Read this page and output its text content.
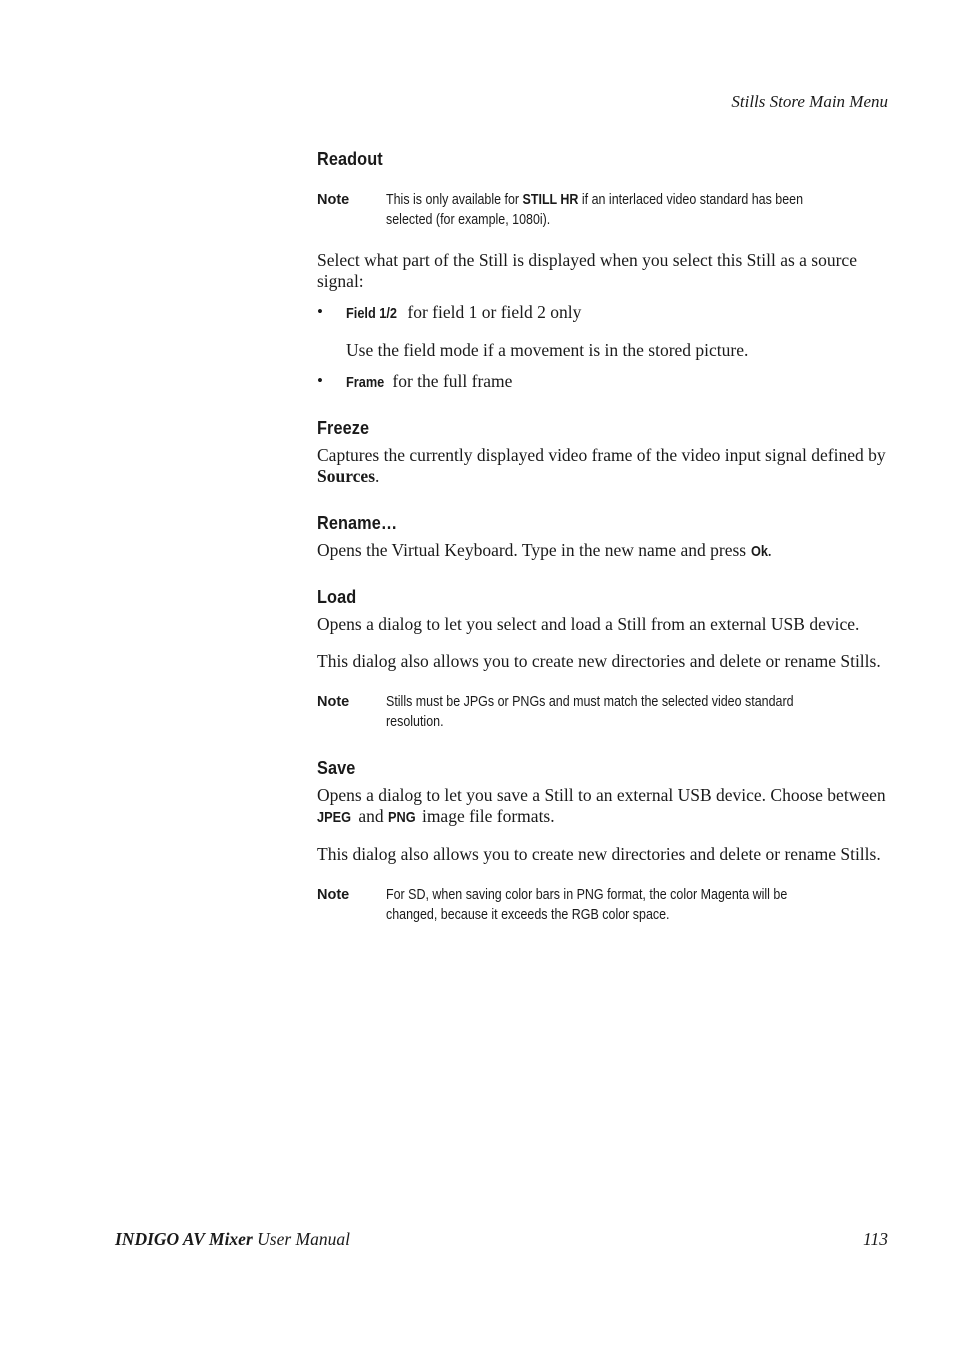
Stills Store Main Menu
Readout
Note	This is only available for STILL HR if an interlaced video standard has been selected (for example, 1080i).

Select what part of the Still is displayed when you select this Still as a source signal:

•	Field 1/2 for field 1 or field 2 only

Use the field mode if a movement is in the stored picture.

•	Frame for the full frame

Freeze

Captures the currently displayed video frame of the video input signal defined by Sources.

Rename…

Opens the Virtual Keyboard. Type in the new name and press Ok.

Load

Opens a dialog to let you select and load a Still from an external USB device.

This dialog also allows you to create new directories and delete or rename Stills.

Note	Stills must be JPGs or PNGs and must match the selected video standard resolution.
Save

Opens a dialog to let you save a Still to an external USB device. Choose between JPEG and PNG image file formats.

This dialog also allows you to create new directories and delete or rename Stills.

Note	For SD, when saving color bars in PNG format, the color Magenta will be changed, because it exceeds the RGB color space.
INDIGO AV Mixer User Manual	113
